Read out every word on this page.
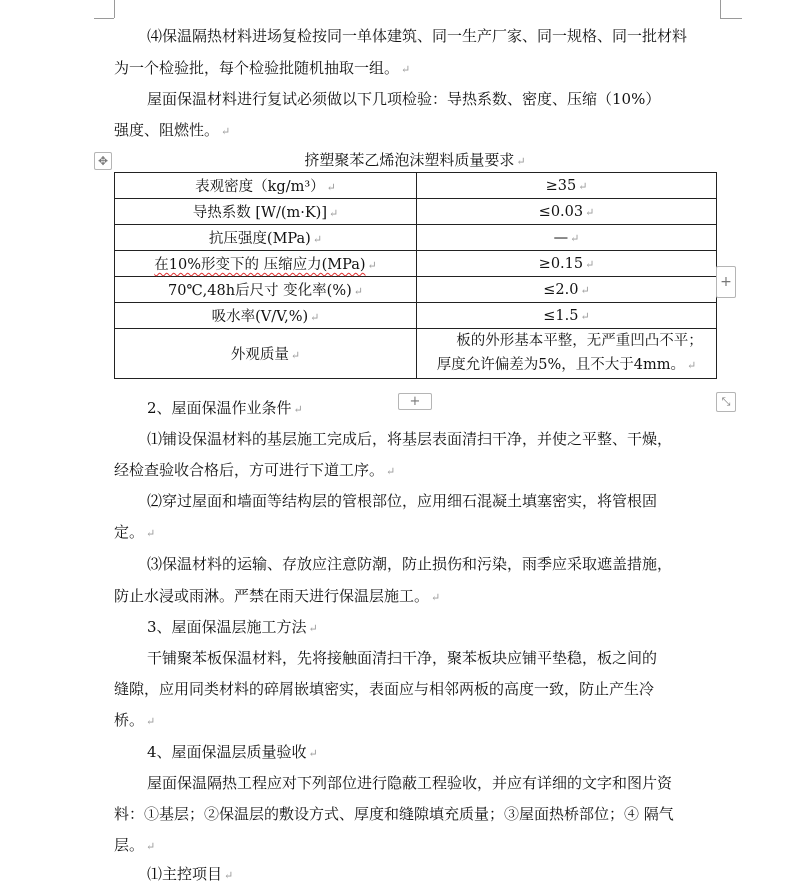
⑷保温隔热材料进场复检按同一单体建筑、同一生产厂家、同一规格、同一批材料
为一个检验批，每个检验批随机抽取一组。 ↵
屋面保温材料进行复试必须做以下几项检验：导热系数、密度、压缩（10%）
强度、阻燃性。 ↵
✥	挤塑聚苯乙烯泡沫塑料质量要求 ↵
表观密度（kg/m³） ↵	≥35 ↵
导热系数 [W/(m·K)] ↵	≤0.03 ↵
抗压强度(MPa) ↵	— ↵
在10%形变下的 压缩应力(MPa) ↵	≥0.15 ↵
70℃,48h后尺寸 变化率(%) ↵	≤2.0 ↵
吸水率(V/V,%) ↵	≤1.5 ↵
外观质量 ↵	板的外形基本平整，无严重凹凸不平；
厚度允许偏差为5%，且不大于4mm。 ↵
+
+	⤡
2、屋面保温作业条件 ↵
⑴铺设保温材料的基层施工完成后，将基层表面清扫干净，并使之平整、干燥，
经检查验收合格后，方可进行下道工序。 ↵
⑵穿过屋面和墙面等结构层的管根部位，应用细石混凝土填塞密实，将管根固
定。 ↵
⑶保温材料的运输、存放应注意防潮，防止损伤和污染，雨季应采取遮盖措施，
防止水浸或雨淋。严禁在雨天进行保温层施工。 ↵
3、屋面保温层施工方法 ↵
干铺聚苯板保温材料，先将接触面清扫干净，聚苯板块应铺平垫稳，板之间的
缝隙，应用同类材料的碎屑嵌填密实，表面应与相邻两板的高度一致，防止产生冷
桥。 ↵
4、屋面保温层质量验收 ↵
屋面保温隔热工程应对下列部位进行隐蔽工程验收，并应有详细的文字和图片资
料：①基层；②保温层的敷设方式、厚度和缝隙填充质量；③屋面热桥部位；④ 隔气
层。 ↵
⑴主控项目 ↵
